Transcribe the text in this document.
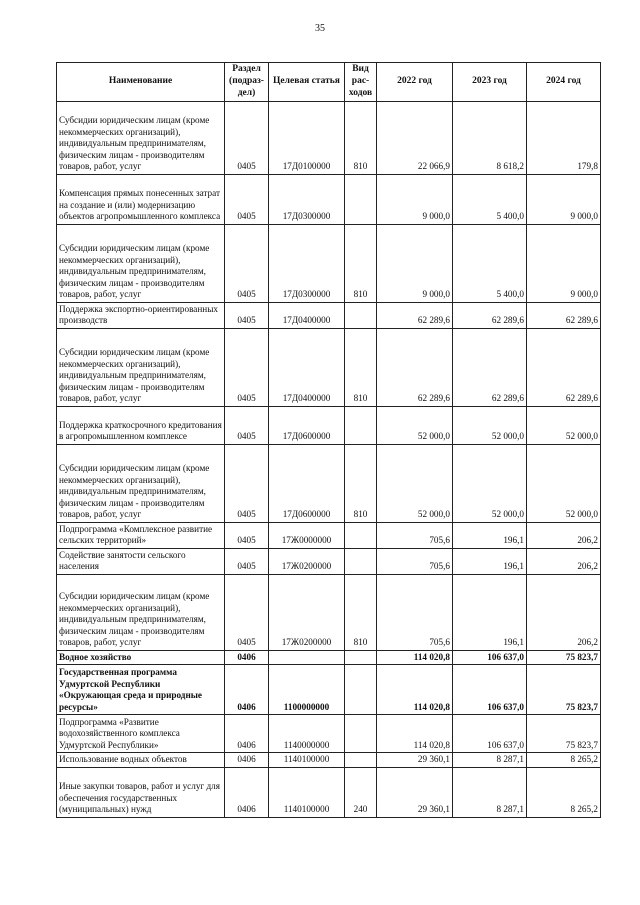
35
Наименование	Раздел (подраз-дел)	Целевая статья	Вид рас-ходов	2022 год	2023 год	2024 год
Субсидии юридическим лицам (кроме некоммерческих организаций), индивидуальным предпринимателям, физическим лицам - производителям товаров, работ, услуг	0405	17Д0100000	810	22 066,9	8 618,2	179,8
Компенсация прямых понесенных затрат на создание и (или) модернизацию объектов агропромышленного комплекса	0405	17Д0300000		9 000,0	5 400,0	9 000,0
Субсидии юридическим лицам (кроме некоммерческих организаций), индивидуальным предпринимателям, физическим лицам - производителям товаров, работ, услуг	0405	17Д0300000	810	9 000,0	5 400,0	9 000,0
Поддержка экспортно-ориентированных производств	0405	17Д0400000		62 289,6	62 289,6	62 289,6
Субсидии юридическим лицам (кроме некоммерческих организаций), индивидуальным предпринимателям, физическим лицам - производителям товаров, работ, услуг	0405	17Д0400000	810	62 289,6	62 289,6	62 289,6
Поддержка краткосрочного кредитования в агропромышленном комплексе	0405	17Д0600000		52 000,0	52 000,0	52 000,0
Субсидии юридическим лицам (кроме некоммерческих организаций), индивидуальным предпринимателям, физическим лицам - производителям товаров, работ, услуг	0405	17Д0600000	810	52 000,0	52 000,0	52 000,0
Подпрограмма «Комплексное развитие сельских территорий»	0405	17Ж0000000		705,6	196,1	206,2
Содействие занятости сельского населения	0405	17Ж0200000		705,6	196,1	206,2
Субсидии юридическим лицам (кроме некоммерческих организаций), индивидуальным предпринимателям, физическим лицам - производителям товаров, работ, услуг	0405	17Ж0200000	810	705,6	196,1	206,2
Водное хозяйство	0406			114 020,8	106 637,0	75 823,7
Государственная программа Удмуртской Республики «Окружающая среда и природные ресурсы»	0406	1100000000		114 020,8	106 637,0	75 823,7
Подпрограмма «Развитие водохозяйственного комплекса Удмуртской Республики»	0406	1140000000		114 020,8	106 637,0	75 823,7
Использование водных объектов	0406	1140100000		29 360,1	8 287,1	8 265,2
Иные закупки товаров, работ и услуг для обеспечения государственных (муниципальных) нужд	0406	1140100000	240	29 360,1	8 287,1	8 265,2
